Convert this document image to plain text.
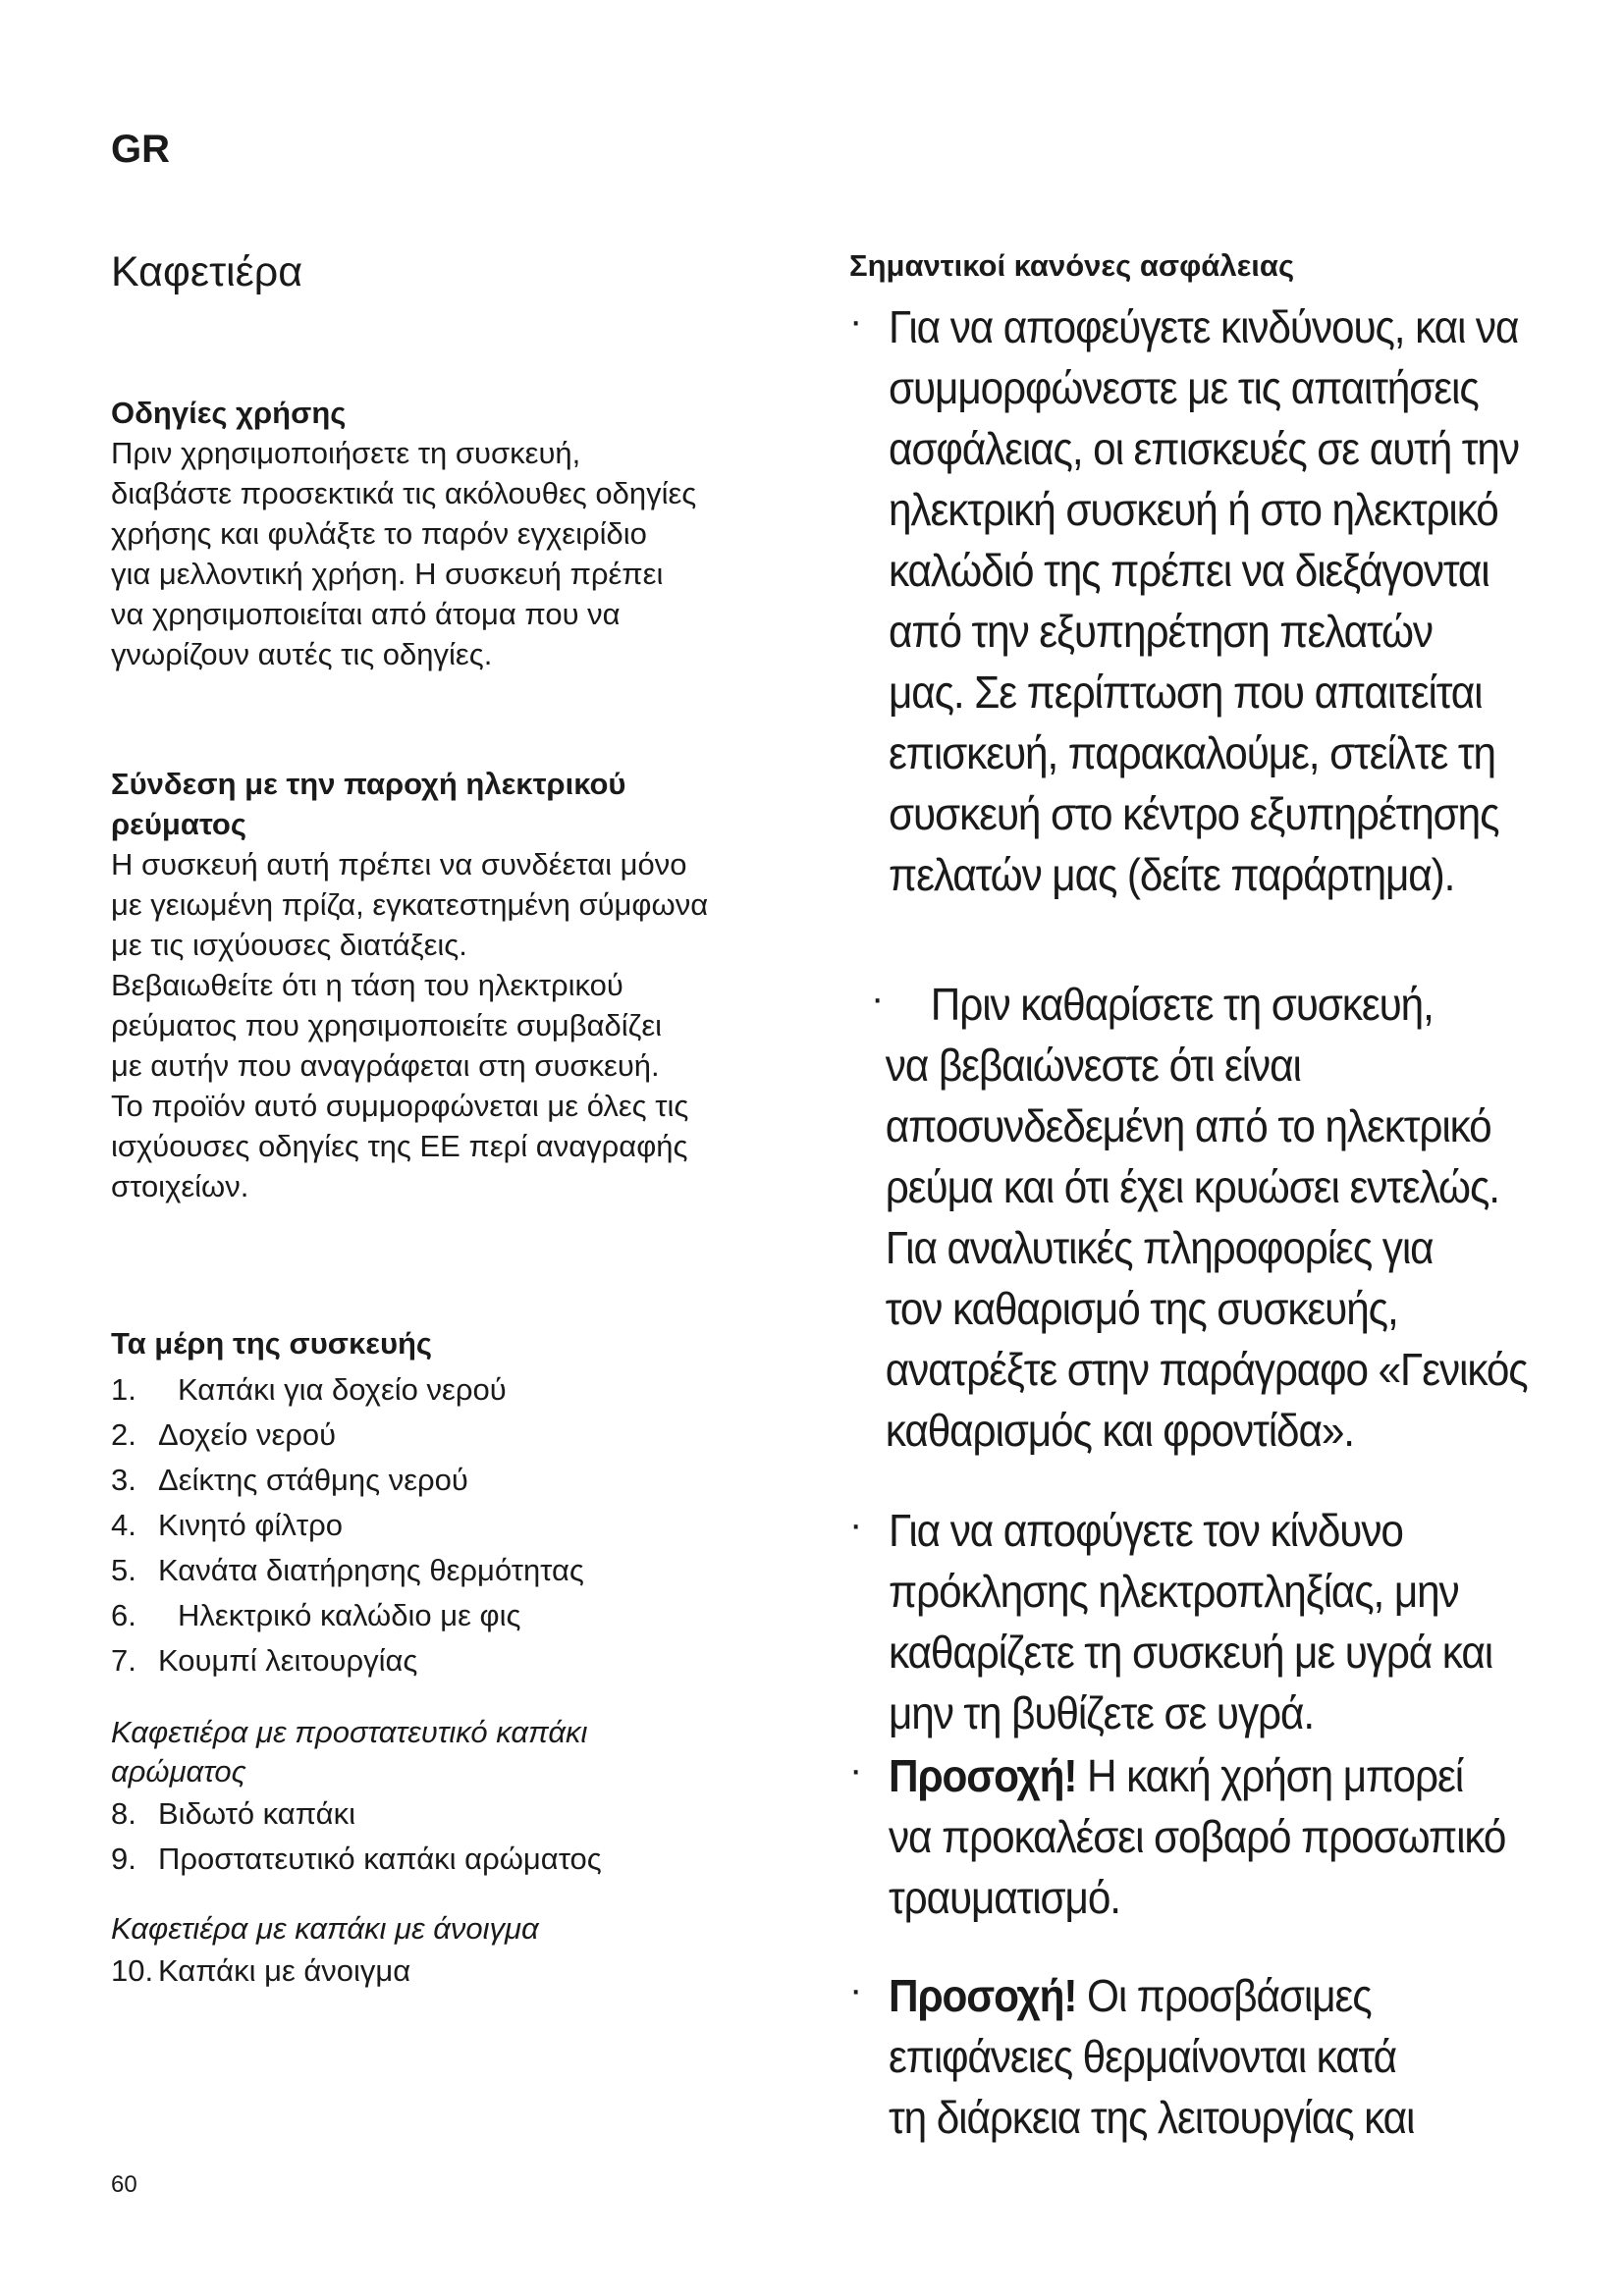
GR
Καφετιέρα
Οδηγίες χρήσης
Πριν χρησιμοποιήσετε τη συσκευή,
διαβάστε προσεκτικά τις ακόλουθες οδηγίες
χρήσης και φυλάξτε το παρόν εγχειρίδιο
για μελλοντική χρήση. Η συσκευή πρέπει
να χρησιμοποιείται από άτομα που να
γνωρίζουν αυτές τις οδηγίες.
Σύνδεση με την παροχή ηλεκτρικού
ρεύματος
Η συσκευή αυτή πρέπει να συνδέεται μόνο
με γειωμένη πρίζα, εγκατεστημένη σύμφωνα
με τις ισχύουσες διατάξεις.
Βεβαιωθείτε ότι η τάση του ηλεκτρικού
ρεύματος που χρησιμοποιείτε συμβαδίζει
με αυτήν που αναγράφεται στη συσκευή.
Το προϊόν αυτό συμμορφώνεται με όλες τις
ισχύουσες οδηγίες της ΕΕ περί αναγραφής
στοιχείων.
Τα μέρη της συσκευής
1. Καπάκι για δοχείο νερού
2. Δοχείο νερού
3. Δείκτης στάθμης νερού
4. Κινητό φίλτρο
5. Κανάτα διατήρησης θερμότητας
6. Ηλεκτρικό καλώδιο με φις
7. Κουμπί λειτουργίας
Καφετιέρα με προστατευτικό καπάκι
αρώματος
8. Βιδωτό καπάκι
9. Προστατευτικό καπάκι αρώματος
Καφετιέρα με καπάκι με άνοιγμα
10. Καπάκι με άνοιγμα
60
Σημαντικοί κανόνες ασφάλειας
· Για να αποφεύγετε κινδύνους, και να
συμμορφώνεστε με τις απαιτήσεις
ασφάλειας, οι επισκευές σε αυτή την
ηλεκτρική συσκευή ή στο ηλεκτρικό
καλώδιό της πρέπει να διεξάγονται
από την εξυπηρέτηση πελατών
μας. Σε περίπτωση που απαιτείται
επισκευή, παρακαλούμε, στείλτε τη
συσκευή στο κέντρο εξυπηρέτησης
πελατών μας (δείτε παράρτημα).
·	Πριν καθαρίσετε τη συσκευή,
να βεβαιώνεστε ότι είναι
αποσυνδεδεμένη από το ηλεκτρικό
ρεύμα και ότι έχει κρυώσει εντελώς.
Για αναλυτικές πληροφορίες για
τον καθαρισμό της συσκευής,
ανατρέξτε στην παράγραφο «Γενικός
καθαρισμός και φροντίδα».
· Για να αποφύγετε τον κίνδυνο
πρόκλησης ηλεκτροπληξίας, μην
καθαρίζετε τη συσκευή με υγρά και
μην τη βυθίζετε σε υγρά.
· Προσοχή! Η κακή χρήση μπορεί
να προκαλέσει σοβαρό προσωπικό
τραυματισμό.
· Προσοχή! Οι προσβάσιμες
επιφάνειες θερμαίνονται κατά
τη διάρκεια της λειτουργίας και
